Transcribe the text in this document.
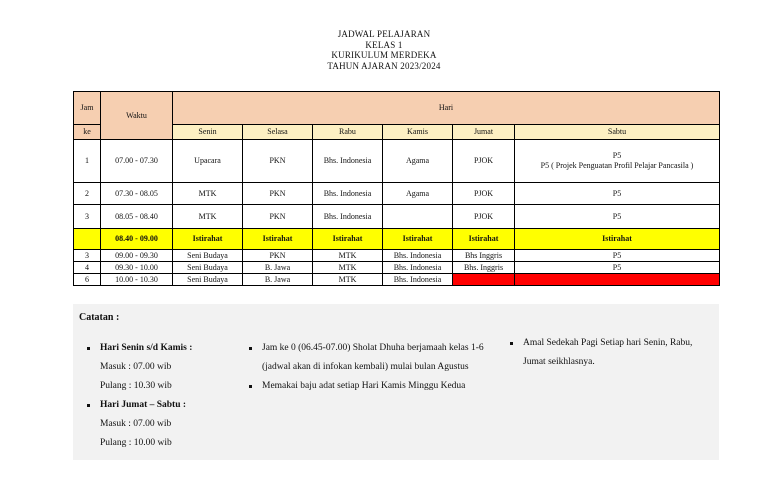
JADWAL PELAJARAN
KELAS 1
KURIKULUM MERDEKA
TAHUN AJARAN 2023/2024
Jam	Waktu	Hari					
ke		Senin	Selasa	Rabu	Kamis	Jumat	Sabtu
1	07.00 - 07.30	Upacara	PKN	Bhs. Indonesia	Agama	PJOK	P5
P5 ( Projek Penguatan Profil Pelajar Pancasila )

2	07.30 - 08.05	MTK	PKN	Bhs. Indonesia	Agama	PJOK	P5
3	08.05 - 08.40	MTK	PKN	Bhs. Indonesia		PJOK	P5
	08.40 - 09.00	Istirahat	Istirahat	Istirahat	Istirahat	Istirahat	Istirahat
3	09.00 - 09.30	Seni Budaya	PKN	MTK	Bhs. Indonesia	Bhs Inggris	P5
4	09.30 - 10.00	Seni Budaya	B. Jawa	MTK	Bhs. Indonesia	Bhs. Inggris	P5
6	10.00 - 10.30	Seni Budaya	B. Jawa	MTK	Bhs. Indonesia		
Catatan :
Hari Senin s/d Kamis :
Masuk : 07.00 wib
Pulang : 10.30 wib
Hari Jumat – Sabtu :
Masuk : 07.00 wib
Pulang : 10.00 wib
Jam ke 0 (06.45-07.00) Sholat Dhuha berjamaah kelas 1-6 (jadwal akan di infokan kembali) mulai bulan Agustus
Memakai baju adat setiap Hari Kamis Minggu Kedua
Amal Sedekah Pagi Setiap hari Senin, Rabu, Jumat seikhlasnya.
